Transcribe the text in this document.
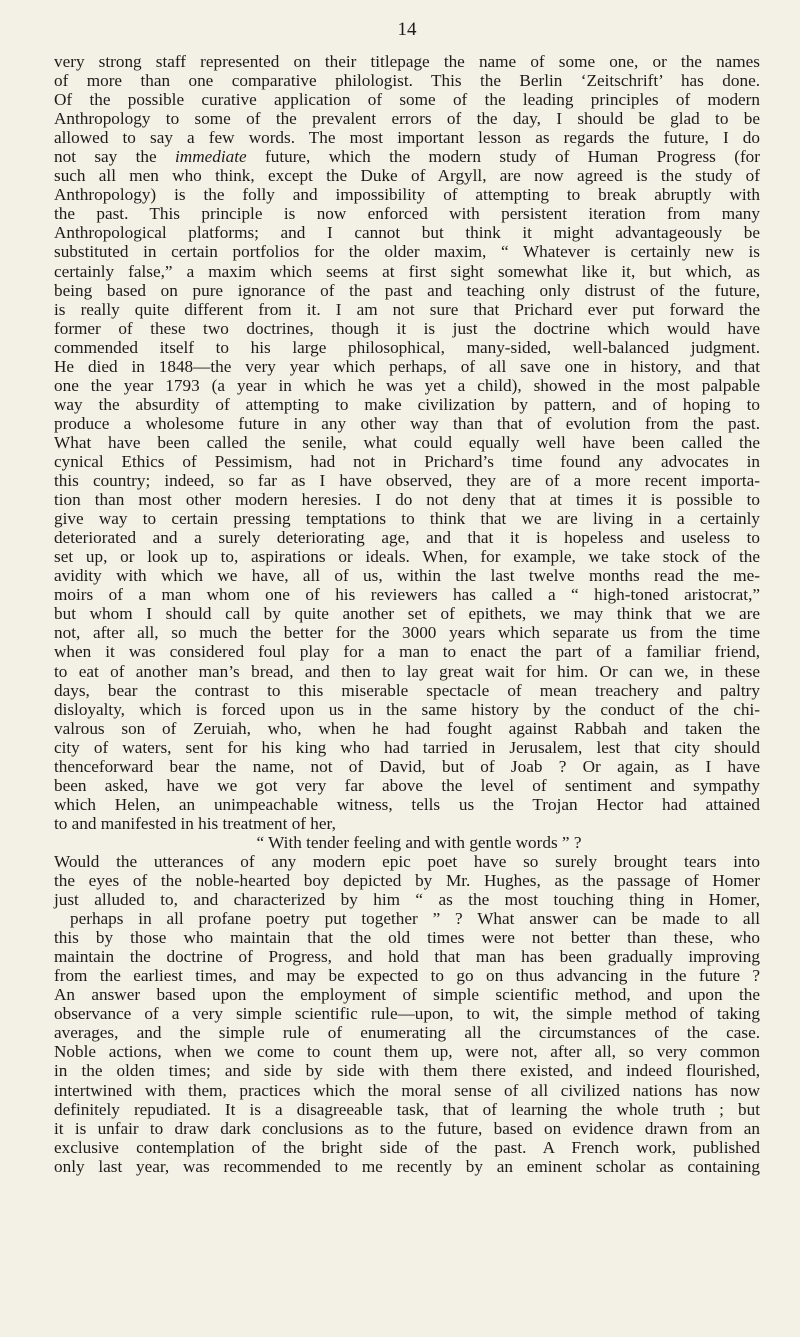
14
very strong staff represented on their titlepage the name of some one, or the names
of more than one comparative philologist. This the Berlin ‘Zeitschrift’ has done.
Of the possible curative application of some of the leading principles of modern
Anthropology to some of the prevalent errors of the day, I should be glad to be
allowed to say a few words. The most important lesson as regards the future, I do
not say the immediate future, which the modern study of Human Progress (for
such all men who think, except the Duke of Argyll, are now agreed is the study of
Anthropology) is the folly and impossibility of attempting to break abruptly with
the past. This principle is now enforced with persistent iteration from many
Anthropological platforms; and I cannot but think it might advantageously be
substituted in certain portfolios for the older maxim, “ Whatever is certainly new is
certainly false,” a maxim which seems at first sight somewhat like it, but which, as
being based on pure ignorance of the past and teaching only distrust of the future,
is really quite different from it. I am not sure that Prichard ever put forward the
former of these two doctrines, though it is just the doctrine which would have
commended itself to his large philosophical, many-sided, well-balanced judgment.
He died in 1848—the very year which perhaps, of all save one in history, and that
one the year 1793 (a year in which he was yet a child), showed in the most palpable
way the absurdity of attempting to make civilization by pattern, and of hoping to
produce a wholesome future in any other way than that of evolution from the past.
What have been called the senile, what could equally well have been called the
cynical Ethics of Pessimism, had not in Prichard’s time found any advocates in
this country; indeed, so far as I have observed, they are of a more recent importa-
tion than most other modern heresies. I do not deny that at times it is possible to
give way to certain pressing temptations to think that we are living in a certainly
deteriorated and a surely deteriorating age, and that it is hopeless and useless to
set up, or look up to, aspirations or ideals. When, for example, we take stock of the
avidity with which we have, all of us, within the last twelve months read the me-
moirs of a man whom one of his reviewers has called a “ high-toned aristocrat,”
but whom I should call by quite another set of epithets, we may think that we are
not, after all, so much the better for the 3000 years which separate us from the time
when it was considered foul play for a man to enact the part of a familiar friend,
to eat of another man’s bread, and then to lay great wait for him. Or can we, in these
days, bear the contrast to this miserable spectacle of mean treachery and paltry
disloyalty, which is forced upon us in the same history by the conduct of the chi-
valrous son of Zeruiah, who, when he had fought against Rabbah and taken the
city of waters, sent for his king who had tarried in Jerusalem, lest that city should
thenceforward bear the name, not of David, but of Joab ? Or again, as I have
been asked, have we got very far above the level of sentiment and sympathy
which Helen, an unimpeachable witness, tells us the Trojan Hector had attained
to and manifested in his treatment of her,
“ With tender feeling and with gentle words ” ?
Would the utterances of any modern epic poet have so surely brought tears into
the eyes of the noble-hearted boy depicted by Mr. Hughes, as the passage of Homer
just alluded to, and characterized by him “ as the most touching thing in Homer,
perhaps in all profane poetry put together ” ? What answer can be made to all
this by those who maintain that the old times were not better than these, who
maintain the doctrine of Progress, and hold that man has been gradually improving
from the earliest times, and may be expected to go on thus advancing in the future ?
An answer based upon the employment of simple scientific method, and upon the
observance of a very simple scientific rule—upon, to wit, the simple method of taking
averages, and the simple rule of enumerating all the circumstances of the case.
Noble actions, when we come to count them up, were not, after all, so very common
in the olden times; and side by side with them there existed, and indeed flourished,
intertwined with them, practices which the moral sense of all civilized nations has now
definitely repudiated. It is a disagreeable task, that of learning the whole truth ; but
it is unfair to draw dark conclusions as to the future, based on evidence drawn from an
exclusive contemplation of the bright side of the past. A French work, published
only last year, was recommended to me recently by an eminent scholar as containing
